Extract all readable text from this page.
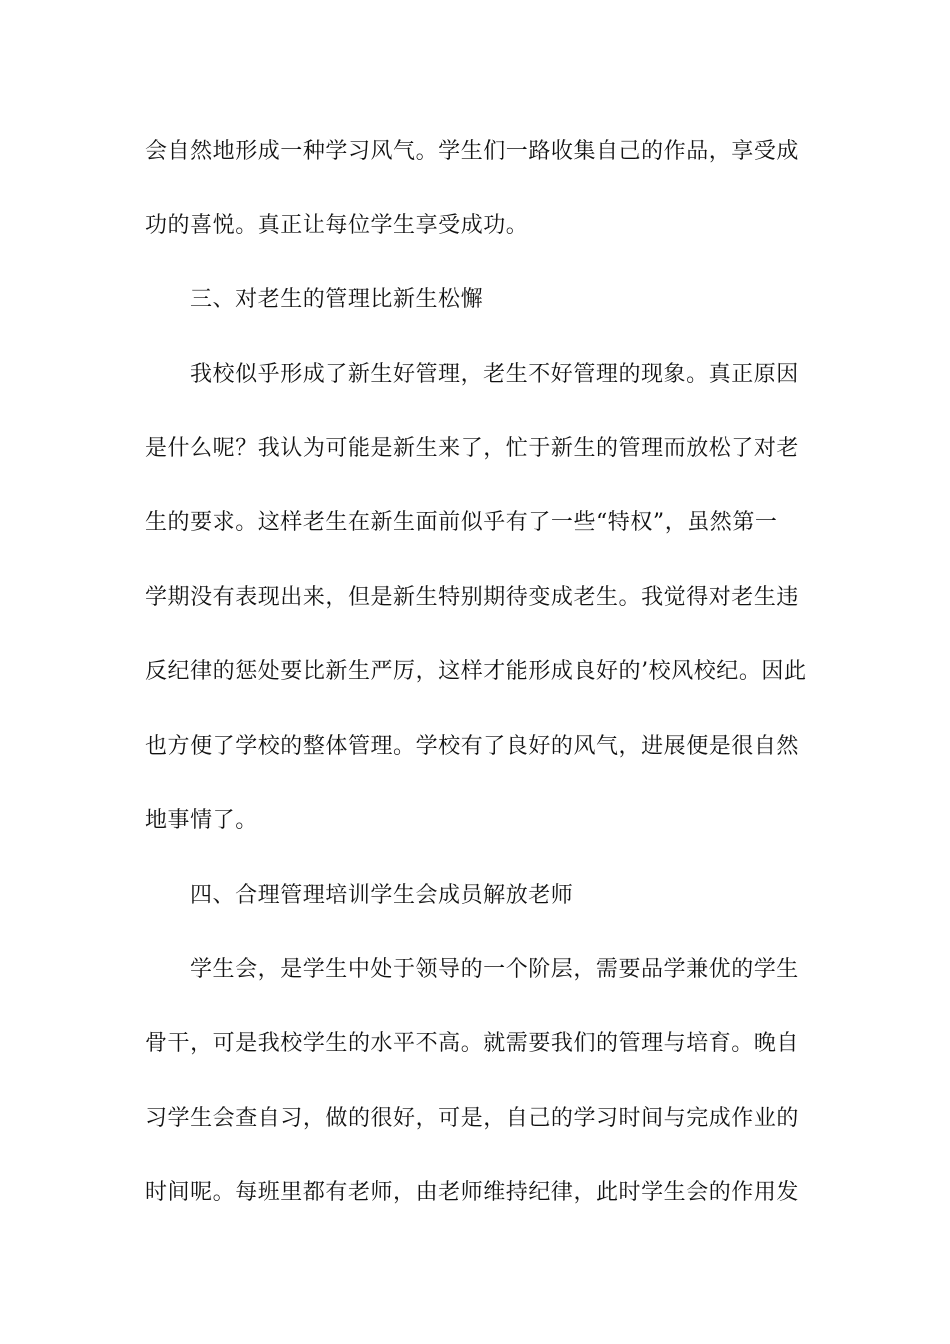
会自然地形成一种学习风气。学生们一路收集自己的作品，享受成

功的喜悦。真正让每位学生享受成功。

三、对老生的管理比新生松懈

我校似乎形成了新生好管理，老生不好管理的现象。真正原因

是什么呢？我认为可能是新生来了，忙于新生的管理而放松了对老

生的要求。这样老生在新生面前似乎有了一些“特权”，虽然第一

学期没有表现出来，但是新生特别期待变成老生。我觉得对老生违

反纪律的惩处要比新生严厉，这样才能形成良好的’校风校纪。因此

也方便了学校的整体管理。学校有了良好的风气，进展便是很自然

地事情了。

四、合理管理培训学生会成员解放老师

学生会，是学生中处于领导的一个阶层，需要品学兼优的学生

骨干，可是我校学生的水平不高。就需要我们的管理与培育。晚自

习学生会查自习，做的很好，可是，自己的学习时间与完成作业的

时间呢。每班里都有老师，由老师维持纪律，此时学生会的作用发
